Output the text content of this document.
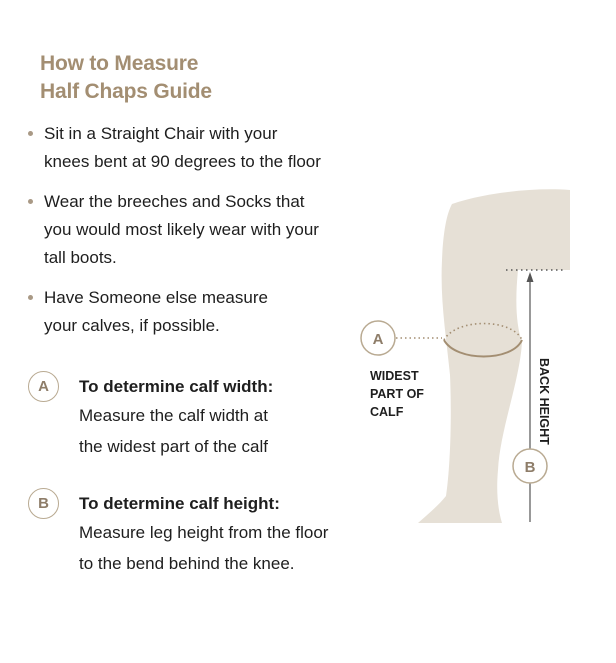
How to Measure
Half Chaps Guide
Sit in a Straight Chair with your
knees bent at 90 degrees to the floor
Wear the breeches and Socks that
you would most likely wear with your
tall boots.
Have Someone else measure
your calves, if possible.
A	To determine calf width:
Measure the calf width at
the widest part of the calf
B	To determine calf height:
Measure leg height from the floor
to the bend behind the knee.
A
WIDEST
PART OF
CALF	BACK HEIGHT
B
